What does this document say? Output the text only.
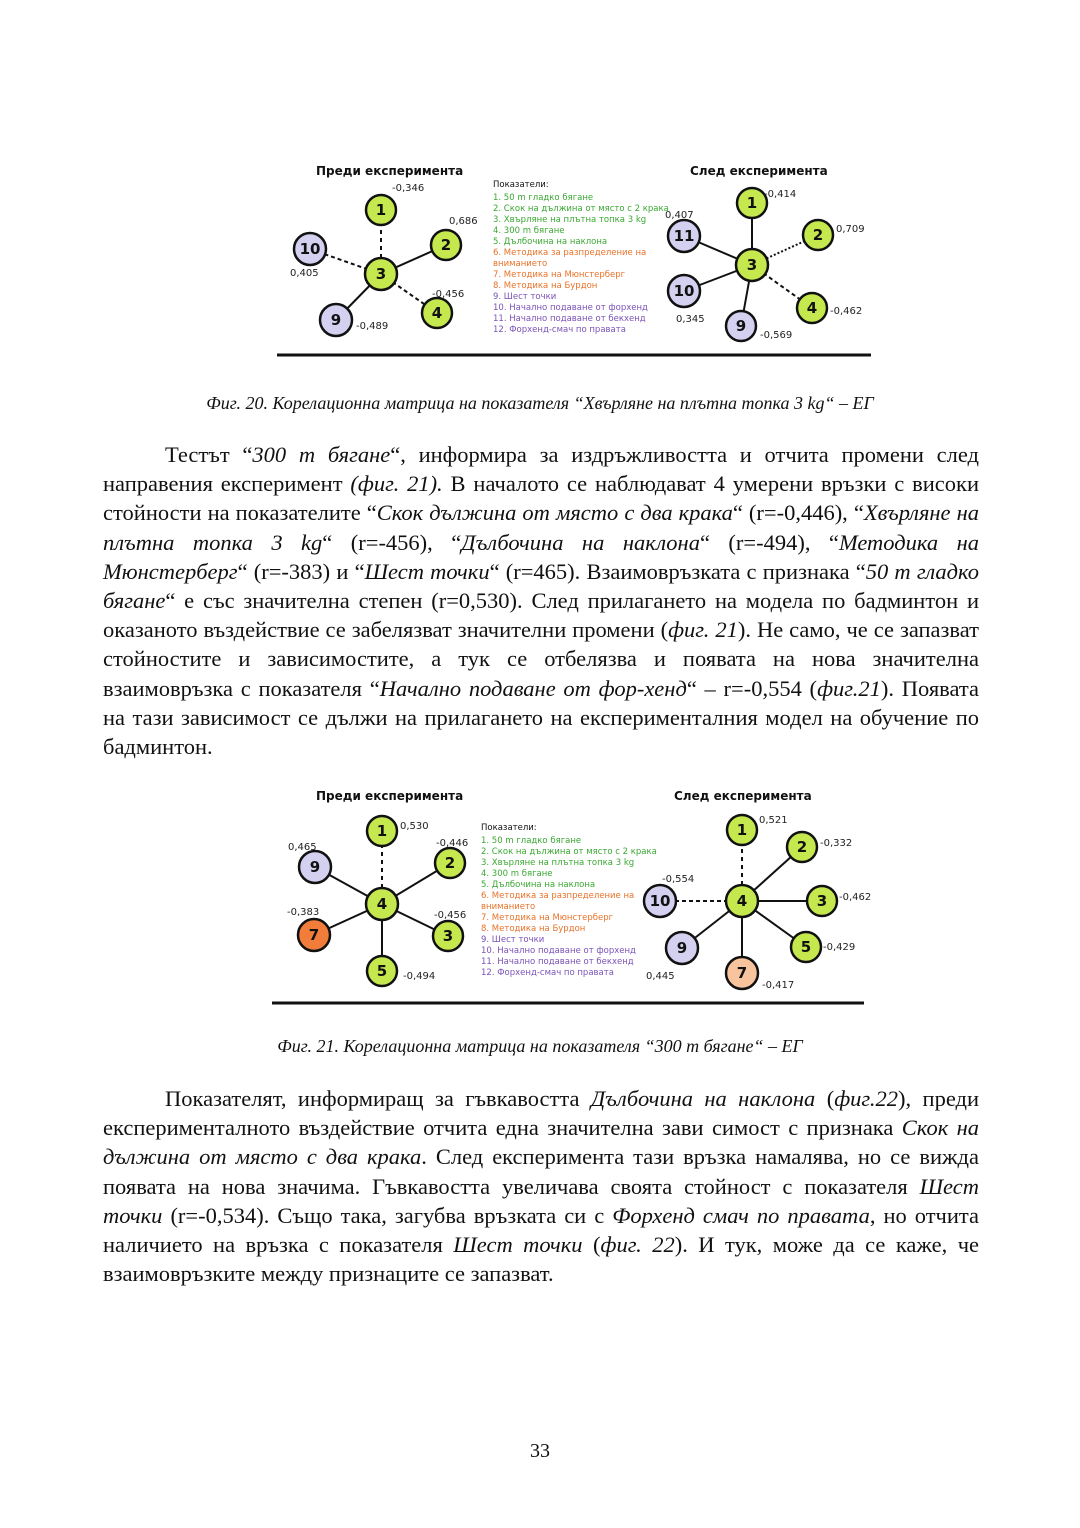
Преди експеримента	След експеримента
1
2
10
3
4
9
-0,346
0,686
0,405
-0,456
-0,489
Показатели:
1. 50 m гладко бягане
2. Скок на дължина от място с 2 крака
3. Хвърляне на плътна топка 3 kg
4. 300 m бягане
5. Дълбочина на наклона
6. Методика за разпределение на
вниманието
7. Методика на Мюнстерберг
8. Методика на Бурдон
9. Шест точки
10. Начално подаване от форхенд
11. Начално подаване от бекхенд
12. Форхенд-смач по правата
1
2
11
3
10
4
9
-0,414
0,709
0,407
0,345
-0,462
-0,569
Фиг. 20. Корелационна матрица на показателя “Хвърляне на плътна топка 3 kg“ – ЕГ
Тестът “300 m бягане“, информира за издръжливостта и отчита промени след направения експеримент (фиг. 21). В началото се наблюдават 4 умерени връзки с високи стойности на показателите “Скок дължина от място с два крака“ (r=-0,446), “Хвърляне на плътна топка 3 kg“ (r=-456), “Дълбочина на наклона“ (r=-494), “Методика на Мюнстерберг“ (r=-383) и “Шест точки“ (r=465). Взаимовръзката с признака “50 m гладко бягане“ е със значителна степен (r=0,530). След прилагането на модела по бадминтон и оказаното въздействие се забелязват значителни промени (фиг. 21). Не само, че се запазват стойностите и зависимостите, а тук се отбелязва и появата на нова значителна взаимовръзка с показателя “Начално подаване от фор-хенд“ – r=-0,554 (фиг.21). Появата на тази зависимост се дължи на прилагането на експерименталния модел на обучение по бадминтон.
Преди експеримента	След експеримента
1
2
9
4
7	3
5
0,530
-0,446
0,465
-0,383	-0,456
-0,494
Показатели:
1. 50 m гладко бягане
2. Скок на дължина от място с 2 крака
3. Хвърляне на плътна топка 3 kg
4. 300 m бягане
5. Дълбочина на наклона
6. Методика за разпределение на
вниманието
7. Методика на Мюнстерберг
8. Методика на Бурдон
9. Шест точки
10. Начално подаване от форхенд
11. Начално подаване от бекхенд
12. Форхенд-смач по правата
1
2
4	3
10
5
9
7
0,521
-0,332
-0,462
-0,554
-0,429
0,445
-0,417
Фиг. 21. Корелационна матрица на показателя “300 m бягане“ – ЕГ
Показателят, информиращ за гъвкавостта Дълбочина на наклона (фиг.22), преди експерименталното въздействие отчита една значителна зави симост с признака Скок на дължина от място с два крака. След експеримента тази връзка намалява, но се вижда появата на нова значима. Гъвкавостта увеличава своята стойност с показателя Шест точки (r=-0,534). Също така, загубва връзката си с Форхенд смач по правата, но отчита наличието на връзка с показателя Шест точки (фиг. 22). И тук, може да се каже, че взаимовръзките между признаците се запазват.
33
